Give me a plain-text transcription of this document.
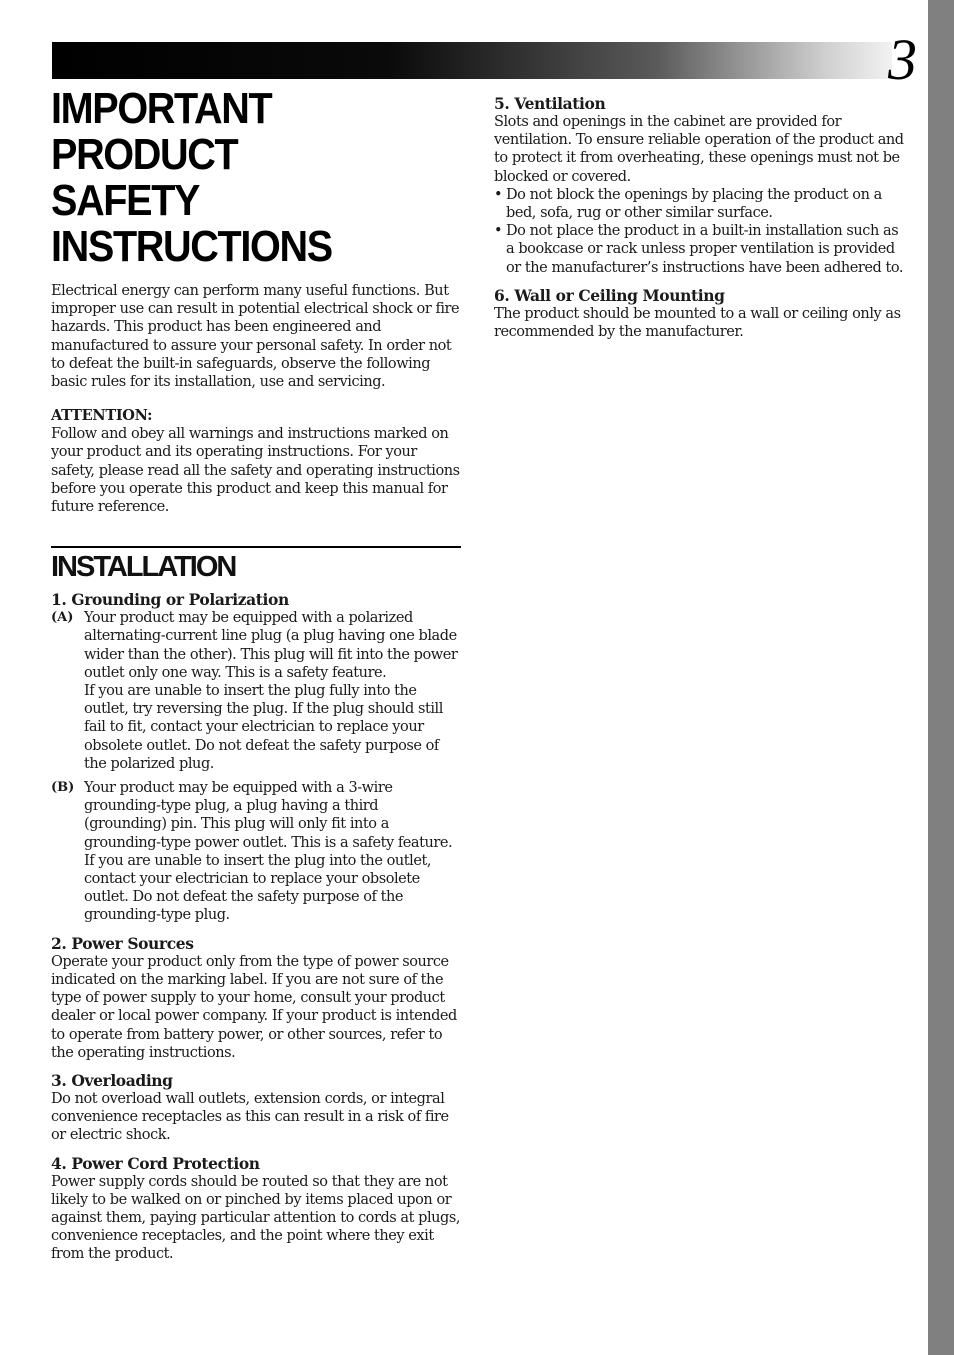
3
IMPORTANT PRODUCT
SAFETY INSTRUCTIONS

Electrical energy can perform many useful functions. But improper use can result in potential electrical shock or fire hazards. This product has been engineered and manufactured to assure your personal safety. In order not to defeat the built-in safeguards, observe the following basic rules for its installation, use and servicing.

ATTENTION:

Follow and obey all warnings and instructions marked on your product and its operating instructions. For your safety, please read all the safety and operating instructions before you operate this product and keep this manual for future reference.

INSTALLATION

1. Grounding or Polarization

(A) Your product may be equipped with a polarized alternating-current line plug (a plug having one blade wider than the other). This plug will fit into the power outlet only one way. This is a safety feature.

If you are unable to insert the plug fully into the outlet, try reversing the plug. If the plug should still fail to fit, contact your electrician to replace your obsolete outlet. Do not defeat the safety purpose of the polarized plug.

(B) Your product may be equipped with a 3-wire grounding-type plug, a plug having a third (grounding) pin. This plug will only fit into a grounding-type power outlet. This is a safety feature.

If you are unable to insert the plug into the outlet, contact your electrician to replace your obsolete outlet. Do not defeat the safety purpose of the grounding-type plug.

2. Power Sources

Operate your product only from the type of power source indicated on the marking label. If you are not sure of the type of power supply to your home, consult your product dealer or local power company. If your product is intended to operate from battery power, or other sources, refer to the operating instructions.

3. Overloading

Do not overload wall outlets, extension cords, or integral convenience receptacles as this can result in a risk of fire or electric shock.

4. Power Cord Protection

Power supply cords should be routed so that they are not likely to be walked on or pinched by items placed upon or against them, paying particular attention to cords at plugs, convenience receptacles, and the point where they exit from the product.

5. Ventilation

Slots and openings in the cabinet are provided for ventilation. To ensure reliable operation of the product and to protect it from overheating, these openings must not be blocked or covered.

• Do not block the openings by placing the product on a bed, sofa, rug or other similar surface.
• Do not place the product in a built-in installation such as a bookcase or rack unless proper ventilation is provided or the manufacturer’s instructions have been adhered to.

6. Wall or Ceiling Mounting

The product should be mounted to a wall or ceiling only as recommended by the manufacturer.
